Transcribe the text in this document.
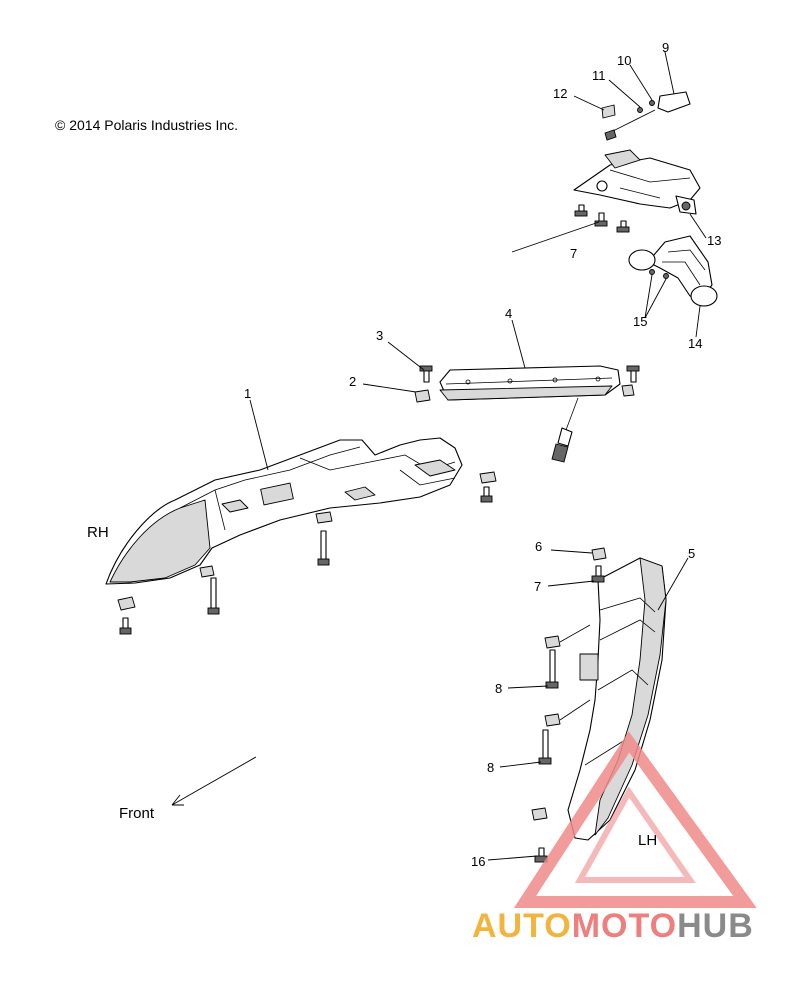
© 2014 Polaris Industries Inc.
1
2
3
4
5
6
7
7
8
8
9
10
11
12
13
14
15
16
RH
LH
Front
AUTOMOTOHUB
